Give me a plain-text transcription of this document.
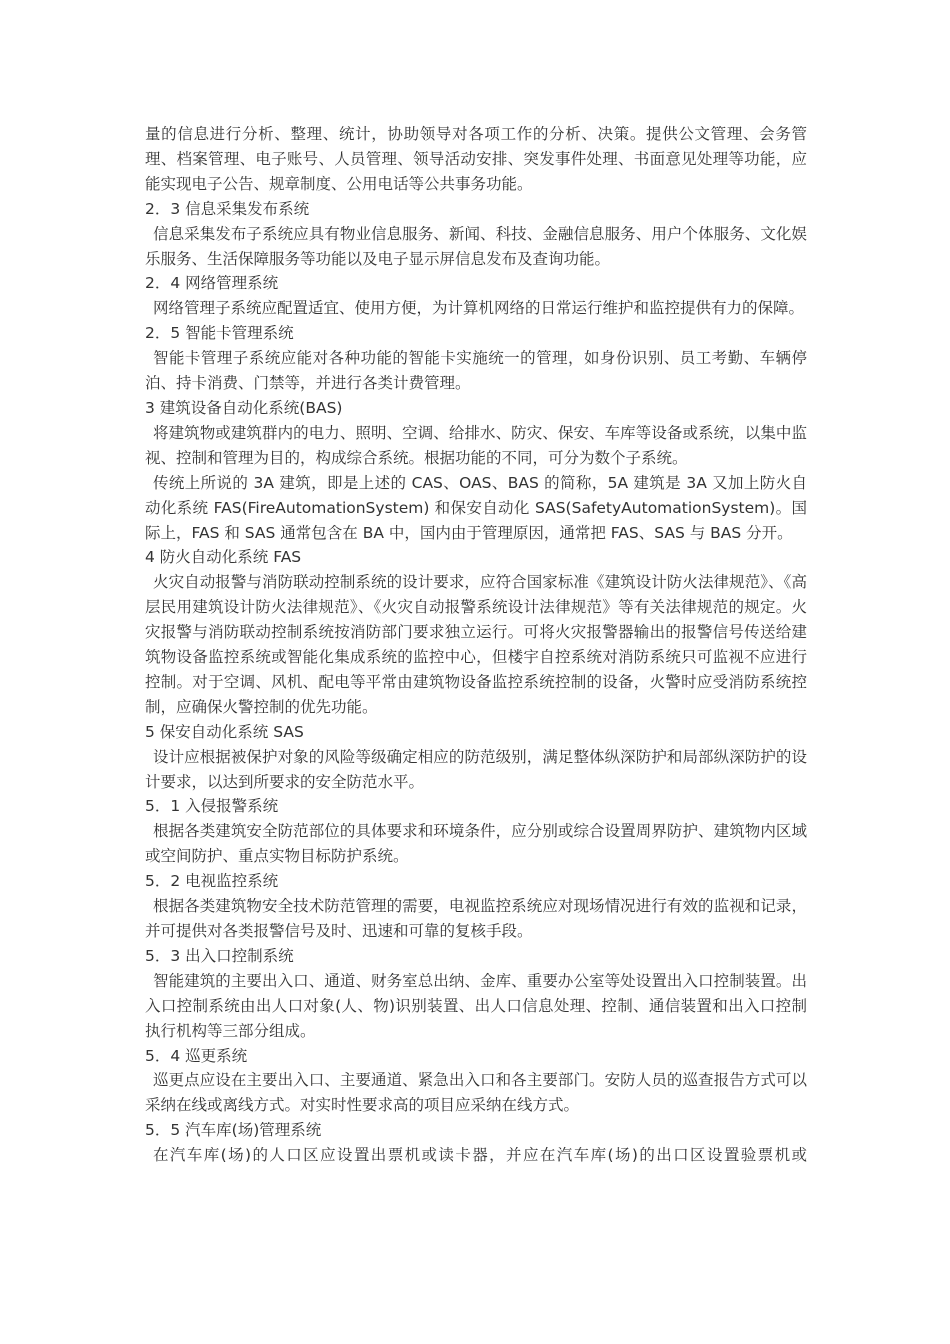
量的信息进行分析、整理、统计，协助领导对各项工作的分析、决策。提供公文管理、会务管理、档案管理、电子账号、人员管理、领导活动安排、突发事件处理、书面意见处理等功能，应能实现电子公告、规章制度、公用电话等公共事务功能。

2．3 信息采集发布系统

信息采集发布子系统应具有物业信息服务、新闻、科技、金融信息服务、用户个体服务、文化娱乐服务、生活保障服务等功能以及电子显示屏信息发布及查询功能。

2．4 网络管理系统

网络管理子系统应配置适宜、使用方便，为计算机网络的日常运行维护和监控提供有力的保障。

2．5 智能卡管理系统

智能卡管理子系统应能对各种功能的智能卡实施统一的管理，如身份识别、员工考勤、车辆停泊、持卡消费、门禁等，并进行各类计费管理。

3 建筑设备自动化系统(BAS)

将建筑物或建筑群内的电力、照明、空调、给排水、防灾、保安、车库等设备或系统，以集中监视、控制和管理为目的，构成综合系统。根据功能的不同，可分为数个子系统。

传统上所说的 3A 建筑，即是上述的 CAS、OAS、BAS 的简称，5A 建筑是 3A 又加上防火自动化系统 FAS(FireAutomationSystem) 和保安自动化 SAS(SafetyAutomationSystem)。国际上，FAS 和 SAS 通常包含在 BA 中，国内由于管理原因，通常把 FAS、SAS 与 BAS 分开。

4 防火自动化系统 FAS

火灾自动报警与消防联动控制系统的设计要求，应符合国家标准《建筑设计防火法律规范》、《高层民用建筑设计防火法律规范》、《火灾自动报警系统设计法律规范》等有关法律规范的规定。火灾报警与消防联动控制系统按消防部门要求独立运行。可将火灾报警器输出的报警信号传送给建筑物设备监控系统或智能化集成系统的监控中心，但楼宇自控系统对消防系统只可监视不应进行控制。对于空调、风机、配电等平常由建筑物设备监控系统控制的设备，火警时应受消防系统控制，应确保火警控制的优先功能。

5 保安自动化系统 SAS

设计应根据被保护对象的风险等级确定相应的防范级别，满足整体纵深防护和局部纵深防护的设计要求，以达到所要求的安全防范水平。

5．1 入侵报警系统

根据各类建筑安全防范部位的具体要求和环境条件，应分别或综合设置周界防护、建筑物内区域或空间防护、重点实物目标防护系统。

5．2 电视监控系统

根据各类建筑物安全技术防范管理的需要，电视监控系统应对现场情况进行有效的监视和记录，并可提供对各类报警信号及时、迅速和可靠的复核手段。

5．3 出入口控制系统

智能建筑的主要出入口、通道、财务室总出纳、金库、重要办公室等处设置出入口控制装置。出入口控制系统由出人口对象(人、物)识别装置、出人口信息处理、控制、通信装置和出入口控制执行机构等三部分组成。

5．4 巡更系统

巡更点应设在主要出入口、主要通道、紧急出入口和各主要部门。安防人员的巡查报告方式可以采纳在线或离线方式。对实时性要求高的项目应采纳在线方式。

5．5 汽车库(场)管理系统

在汽车库(场)的人口区应设置出票机或读卡器，并应在汽车库(场)的出口区设置验票机或
